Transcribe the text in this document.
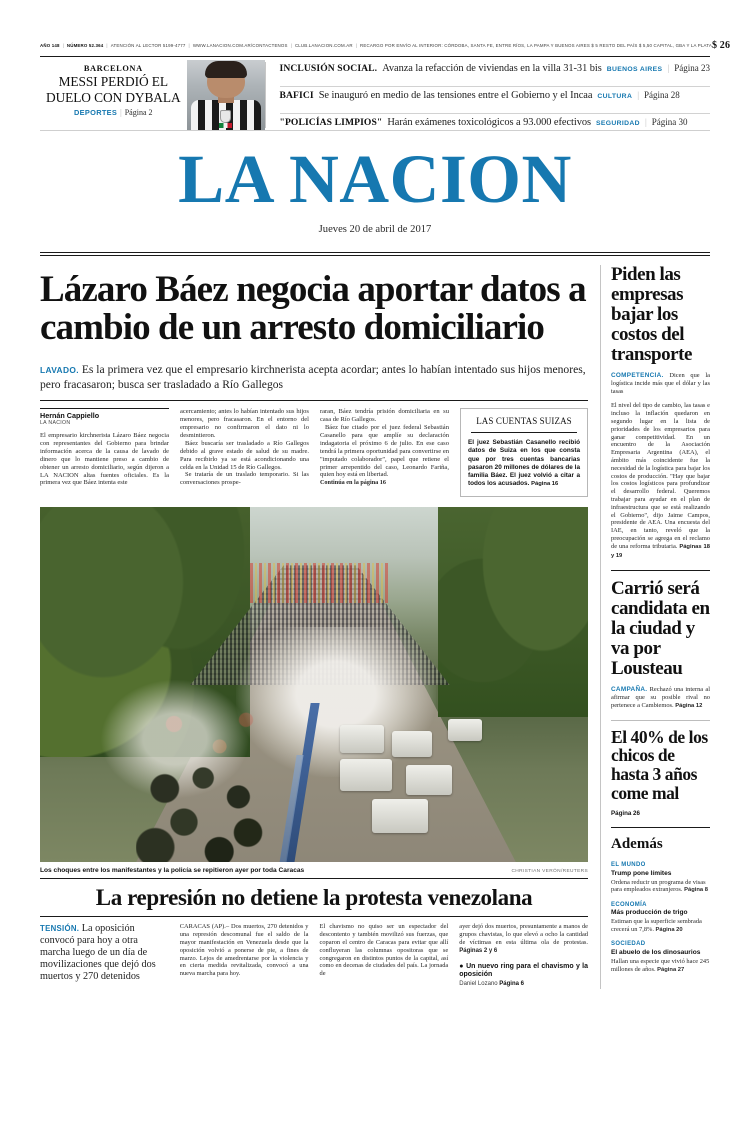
AÑO 148 | NÚMERO 52.364 | ATENCIÓN AL LECTOR 5199-4777 | WWW.LANACION.COM.AR/CONTACTENOS | CLUB.LANACION.COM.AR | RECARGO POR ENVÍO AL INTERIOR: CÓRDOBA, SANTA FE, ENTRE RÍOS, LA PAMPA Y BUENOS AIRES $ 5 RESTO DEL PAÍS $ 5,50 CAPITAL, GBA Y LA PLATA $ 26
BARCELONA
MESSI PERDIÓ EL
DUELO CON DYBALA
DEPORTES | Página 2
INCLUSIÓN SOCIAL. Avanza la refacción de viviendas en la villa 31-31 bis BUENOS AIRES | Página 23
BAFICI Se inauguró en medio de las tensiones entre el Gobierno y el Incaa CULTURA | Página 28
"POLICÍAS LIMPIOS" Harán exámenes toxicológicos a 93.000 efectivos SEGURIDAD | Página 30
LA NACION
Jueves 20 de abril de 2017
Lázaro Báez negocia aportar datos a cambio de un arresto domiciliario
LAVADO. Es la primera vez que el empresario kirchnerista acepta acordar; antes lo habían intentado sus hijos menores, pero fracasaron; busca ser trasladado a Río Gallegos
Hernán Cappiello
LA NACION

El empresario kirchnerista Lázaro Báez negocia con representantes del Gobierno para brindar información acerca de la causa de lavado de dinero que lo mantiene preso a cambio de obtener un arresto domiciliario, según dijeron a LA NACION altas fuentes oficiales. Es la primera vez que Báez intenta este

acercamiento; antes lo habían intentado sus hijos menores, pero fracasaron. En el entorno del empresario no confirmaron el dato ni lo desmintieron.

Báez buscaría ser trasladado a Río Gallegos debido al grave estado de salud de su madre. Para recibirlo ya se está acondicionando una celda en la Unidad 15 de Río Gallegos.

Se trataría de un traslado temporario. Si las conversaciones prospe-

raran, Báez tendría prisión domiciliaria en su casa de Río Gallegos.

Báez fue citado por el juez federal Sebastián Casanello para que amplíe su declaración indagatoria el próximo 6 de julio. En ese caso tendrá la primera oportunidad para convertirse en "imputado colaborador", papel que retiene el primer arrepentido del caso, Leonardo Fariña, quien hoy está en libertad.

Continúa en la página 16
LAS CUENTAS SUIZAS
El juez Sebastián Casanello recibió datos de Suiza en los que consta que por tres cuentas bancarias pasaron 20 millones de dólares de la familia Báez. El juez volvió a citar a todos los acusados. Página 16
Los choques entre los manifestantes y la policía se repitieron ayer por toda Caracas	CHRISTIAN VERÓN/REUTERS
La represión no detiene la protesta venezolana
TENSIÓN. La oposición convocó para hoy a otra marcha luego de un día de movilizaciones que dejó dos muertos y 270 detenidos

CARACAS (AP).– Dos muertos, 270 detenidos y una represión descomunal fue el saldo de la mayor manifestación en Venezuela desde que la oposición volvió a ponerse de pie, a fines de marzo. Lejos de amedrentarse por la violencia y en cierta medida revitalizada, convocó a una nueva marcha para hoy.

El chavismo no quiso ser un espectador del descontento y también movilizó sus fuerzas, que coparon el centro de Caracas para evitar que allí confluyeran las columnas opositoras que se congregaron en distintos puntos de la capital, así como en decenas de ciudades del país. La jornada de

ayer dejó dos muertos, presuntamente a manos de grupos chavistas, lo que elevó a ocho la cantidad de víctimas en esta última ola de protestas. Páginas 2 y 6

● Un nuevo ring para el chavismo y la oposición
Daniel Lozano Página 6
Piden las empresas bajar los costos del transporte

COMPETENCIA. Dicen que la logística incide más que el dólar y las tasas

El nivel del tipo de cambio, las tasas e incluso la inflación quedaron en segundo lugar en la lista de prioridades de los empresarios para ganar competitividad. En un encuentro de la Asociación Empresaria Argentina (AEA), el ámbito más coincidente fue la necesidad de la logística para bajar los costos de producción. "Hay que bajar los costos logísticos para profundizar el desarrollo federal. Queremos trabajar para ayudar en el plan de infraestructura que se está realizando el Gobierno", dijo Jaime Campos, presidente de AEA. Una encuesta del IAE, en tanto, reveló que la preocupación se agrega en el reclamo de una reforma tributaria. Páginas 18 y 19

Carrió será candidata en la ciudad y va por Lousteau

CAMPAÑA. Rechazó una interna al afirmar que su posible rival no pertenece a Cambiemos. Página 12

El 40% de los chicos de hasta 3 años come mal
Página 26
Además
EL MUNDO
Trump pone límites
Ordena reducir un programa de visas para empleados extranjeros. Página 8
ECONOMÍA
Más producción de trigo
Estiman que la superficie sembrada crecerá un 7,8%. Página 20
SOCIEDAD
El abuelo de los dinosaurios
Hallan una especie que vivió hace 245 millones de años. Página 27
